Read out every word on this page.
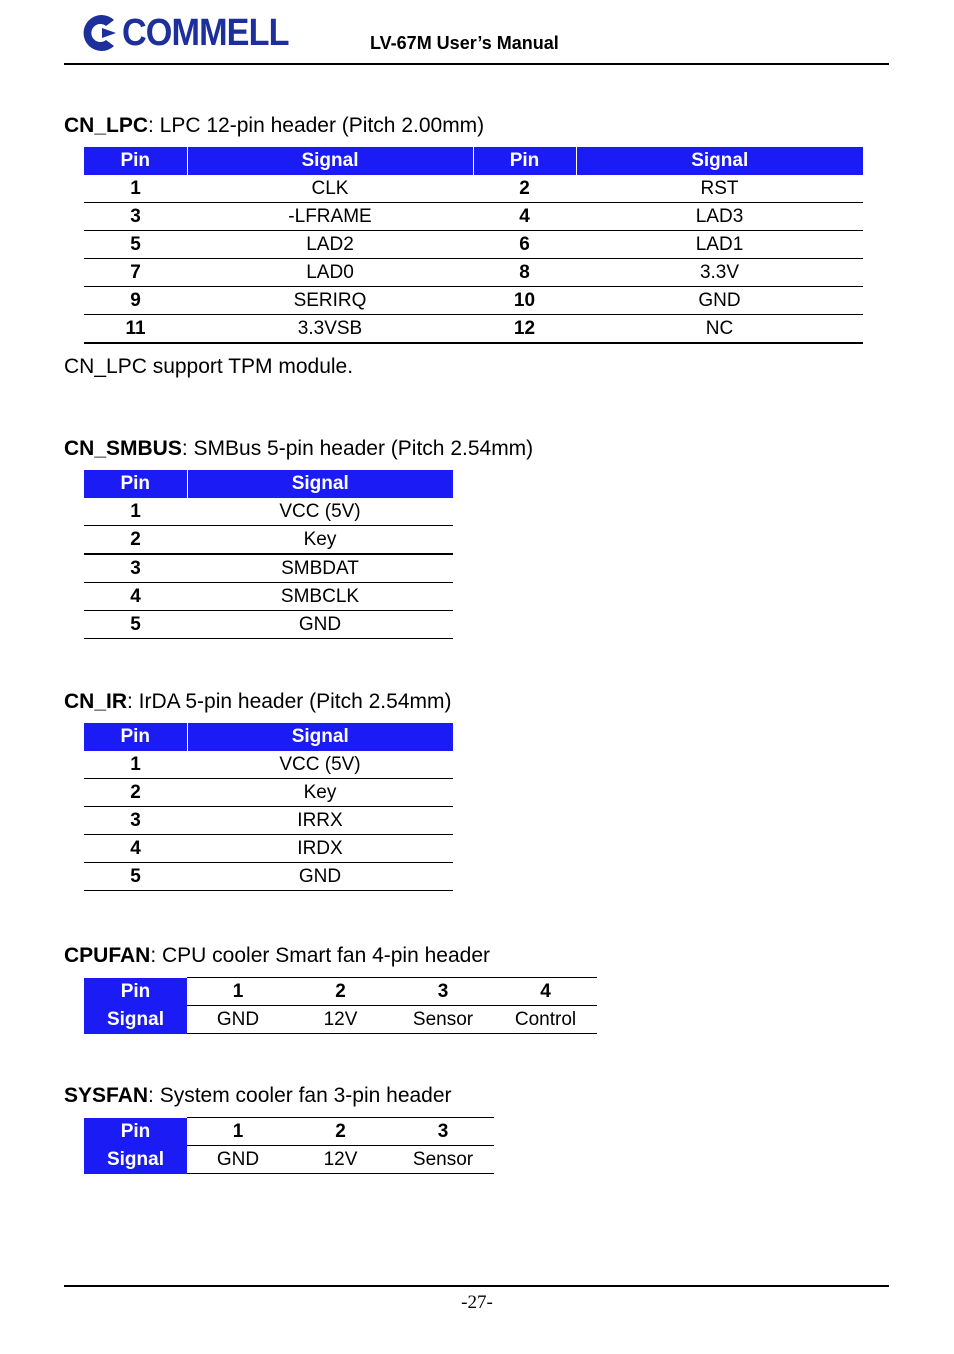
COMMELL	LV-67M User’s Manual
CN_LPC: LPC 12-pin header (Pitch 2.00mm)
Pin	Signal	Pin	Signal
1	CLK	2	RST
3	-LFRAME	4	LAD3
5	LAD2	6	LAD1
7	LAD0	8	3.3V
9	SERIRQ	10	GND
11	3.3VSB	12	NC
CN_LPC support TPM module.
CN_SMBUS: SMBus 5-pin header (Pitch 2.54mm)
Pin	Signal
1	VCC (5V)
2	Key
3	SMBDAT
4	SMBCLK
5	GND
CN_IR: IrDA 5-pin header (Pitch 2.54mm)
Pin	Signal
1	VCC (5V)
2	Key
3	IRRX
4	IRDX
5	GND
CPUFAN: CPU cooler Smart fan 4-pin header
Pin	1	2	3	4
Signal	GND	12V	Sensor	Control
SYSFAN: System cooler fan 3-pin header
Pin	1	2	3
Signal	GND	12V	Sensor
-27-
